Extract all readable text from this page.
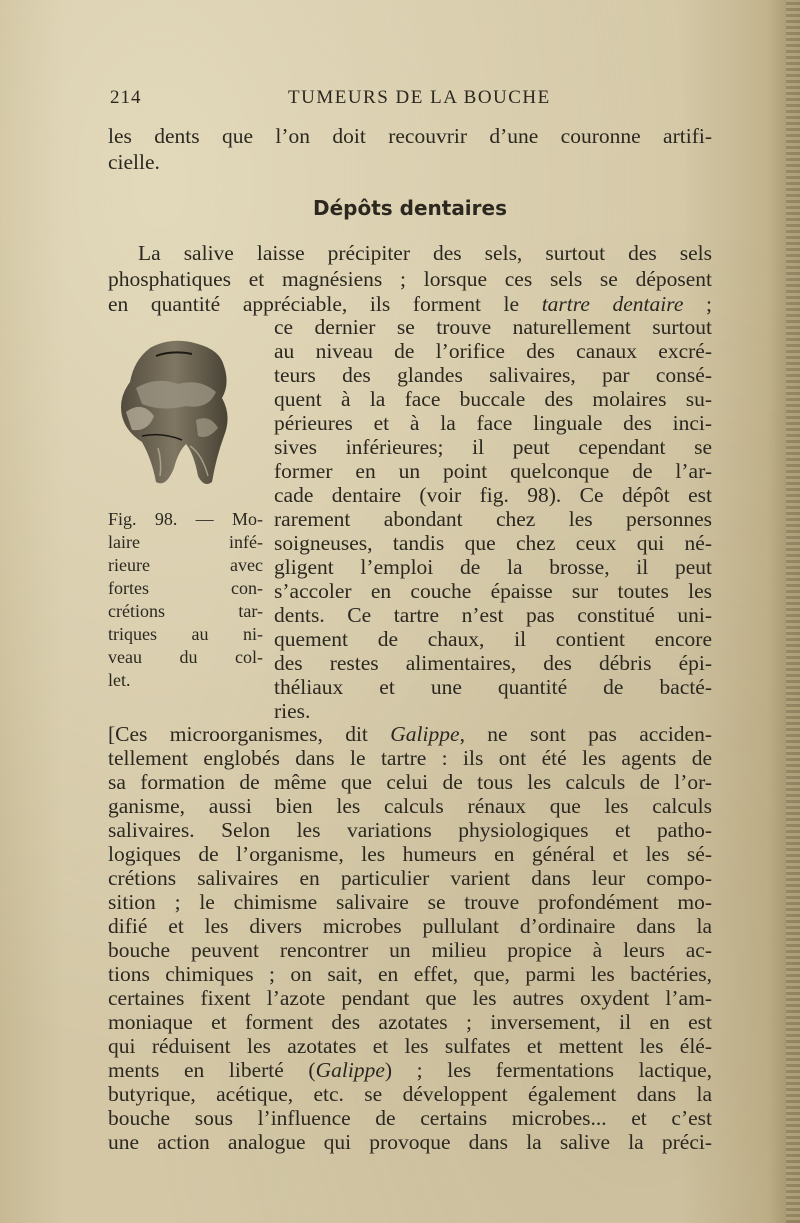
214	TUMEURS DE LA BOUCHE
les dents que l’on doit recouvrir d’une couronne artifi-
cielle.
Dépôts dentaires
La salive laisse précipiter des sels, surtout des sels
phosphatiques et magnésiens ; lorsque ces sels se déposent
en quantité appréciable, ils forment le tartre dentaire ;
ce dernier se trouve naturellement surtout
au niveau de l’orifice des canaux excré-
teurs des glandes salivaires, par consé-
quent à la face buccale des molaires su-
périeures et à la face linguale des inci-
sives inférieures; il peut cependant se
former en un point quelconque de l’ar-
cade dentaire (voir fig. 98). Ce dépôt est
rarement abondant chez les personnes
soigneuses, tandis que chez ceux qui né-
gligent l’emploi de la brosse, il peut
s’accoler en couche épaisse sur toutes les
dents. Ce tartre n’est pas constitué uni-
quement de chaux, il contient encore
des restes alimentaires, des débris épi-
théliaux et une quantité de bacté-
ries.
Fig. 98. — Mo-
laire infé-
rieure avec
fortes con-
crétions tar-
triques au ni-
veau du col-
let.
[Ces microorganismes, dit Galippe, ne sont pas acciden-
tellement englobés dans le tartre : ils ont été les agents de
sa formation de même que celui de tous les calculs de l’or-
ganisme, aussi bien les calculs rénaux que les calculs
salivaires. Selon les variations physiologiques et patho-
logiques de l’organisme, les humeurs en général et les sé-
crétions salivaires en particulier varient dans leur compo-
sition ; le chimisme salivaire se trouve profondément mo-
difié et les divers microbes pullulant d’ordinaire dans la
bouche peuvent rencontrer un milieu propice à leurs ac-
tions chimiques ; on sait, en effet, que, parmi les bactéries,
certaines fixent l’azote pendant que les autres oxydent l’am-
moniaque et forment des azotates ; inversement, il en est
qui réduisent les azotates et les sulfates et mettent les élé-
ments en liberté (Galippe) ; les fermentations lactique,
butyrique, acétique, etc. se développent également dans la
bouche sous l’influence de certains microbes... et c’est
une action analogue qui provoque dans la salive la préci-
